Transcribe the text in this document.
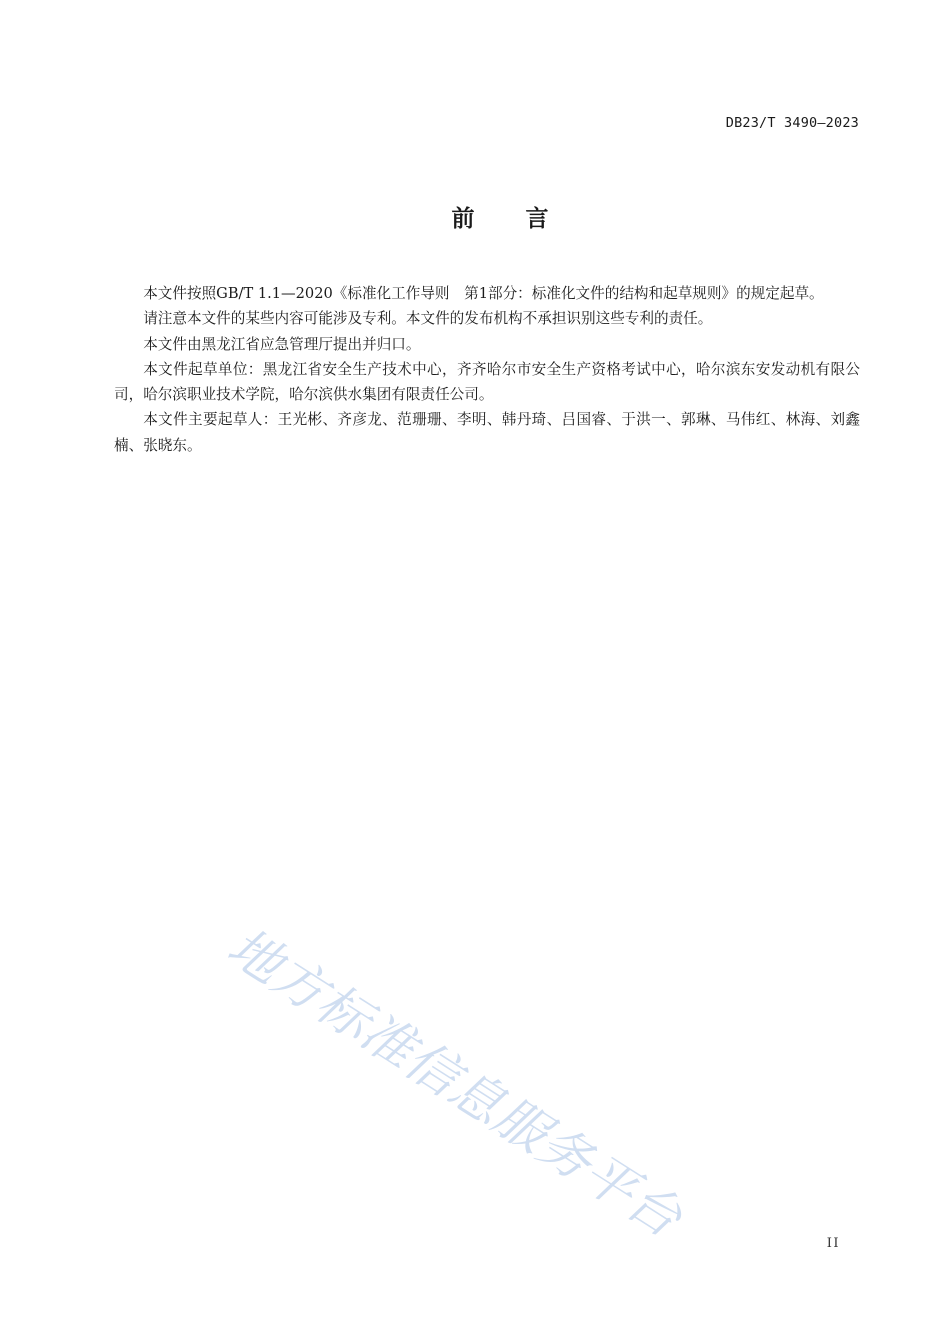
DB23/T 3490—2023
前 言

本文件按照GB/T 1.1—2020《标准化工作导则　第1部分：标准化文件的结构和起草规则》的规定起草。

请注意本文件的某些内容可能涉及专利。本文件的发布机构不承担识别这些专利的责任。

本文件由黑龙江省应急管理厅提出并归口。

本文件起草单位：黑龙江省安全生产技术中心，齐齐哈尔市安全生产资格考试中心，哈尔滨东安发动机有限公司，哈尔滨职业技术学院，哈尔滨供水集团有限责任公司。

本文件主要起草人：王光彬、齐彦龙、范珊珊、李明、韩丹琦、吕国睿、于洪一、郭琳、马伟红、林海、刘鑫楠、张晓东。

地方标准信息服务平台	II
